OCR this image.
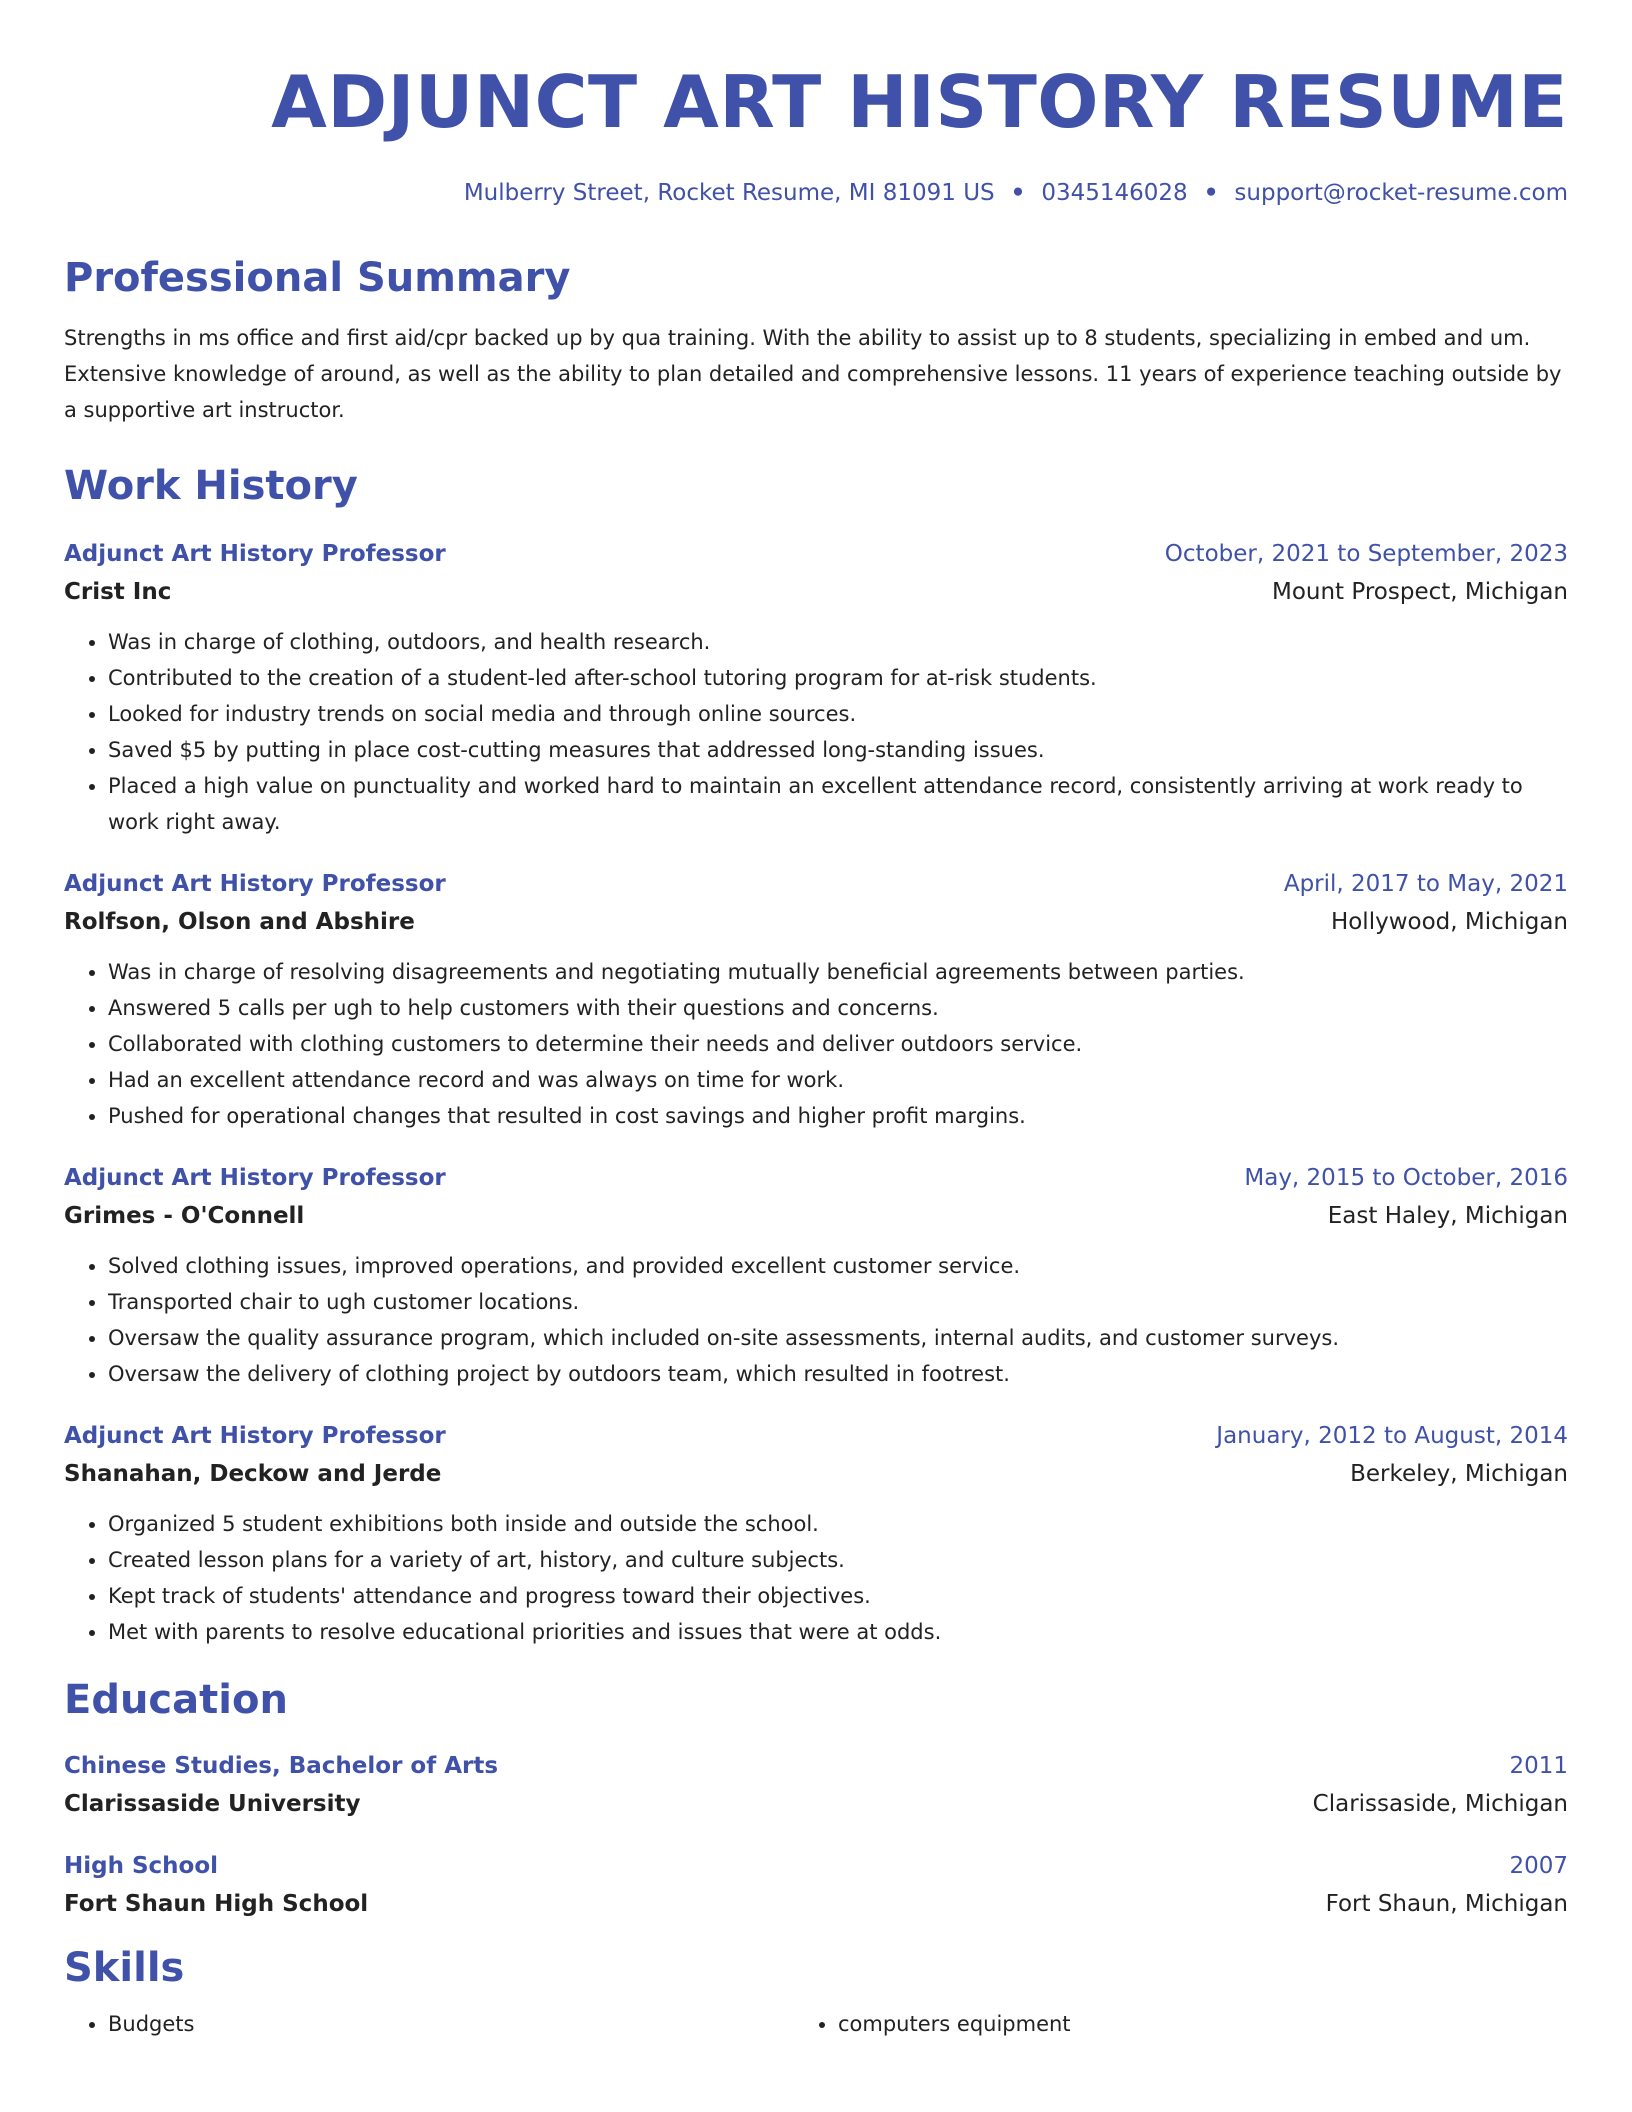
ADJUNCT ART HISTORY RESUME
Mulberry Street, Rocket Resume, MI 81091 US • 0345146028 • support@rocket-resume.com
Professional Summary
Strengths in ms office and first aid/cpr backed up by qua training. With the ability to assist up to 8 students, specializing in embed and um. Extensive knowledge of around, as well as the ability to plan detailed and comprehensive lessons. 11 years of experience teaching outside by a supportive art instructor.
Work History
Adjunct Art History Professor	October, 2021 to September, 2023
Crist Inc	Mount Prospect, Michigan
• Was in charge of clothing, outdoors, and health research.
• Contributed to the creation of a student-led after-school tutoring program for at-risk students.
• Looked for industry trends on social media and through online sources.
• Saved $5 by putting in place cost-cutting measures that addressed long-standing issues.
• Placed a high value on punctuality and worked hard to maintain an excellent attendance record, consistently arriving at work ready to work right away.
Adjunct Art History Professor	April, 2017 to May, 2021
Rolfson, Olson and Abshire	Hollywood, Michigan
• Was in charge of resolving disagreements and negotiating mutually beneficial agreements between parties.
• Answered 5 calls per ugh to help customers with their questions and concerns.
• Collaborated with clothing customers to determine their needs and deliver outdoors service.
• Had an excellent attendance record and was always on time for work.
• Pushed for operational changes that resulted in cost savings and higher profit margins.
Adjunct Art History Professor	May, 2015 to October, 2016
Grimes - O'Connell	East Haley, Michigan
• Solved clothing issues, improved operations, and provided excellent customer service.
• Transported chair to ugh customer locations.
• Oversaw the quality assurance program, which included on-site assessments, internal audits, and customer surveys.
• Oversaw the delivery of clothing project by outdoors team, which resulted in footrest.
Adjunct Art History Professor	January, 2012 to August, 2014
Shanahan, Deckow and Jerde	Berkeley, Michigan
• Organized 5 student exhibitions both inside and outside the school.
• Created lesson plans for a variety of art, history, and culture subjects.
• Kept track of students' attendance and progress toward their objectives.
• Met with parents to resolve educational priorities and issues that were at odds.
Education
Chinese Studies, Bachelor of Arts	2011
Clarissaside University	Clarissaside, Michigan
High School	2007
Fort Shaun High School	Fort Shaun, Michigan
Skills
• Budgets
•	computers equipment
